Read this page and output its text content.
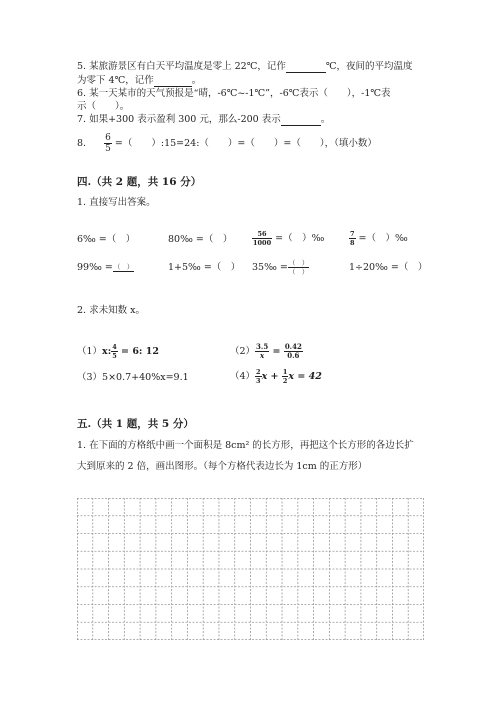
5. 某旅游景区有白天平均温度是零上 22℃，记作	℃，夜间的平均温度
为零下 4℃，记作	。
6. 某一天某市的天气预报是“晴，-6℃~-1℃”，-6℃表示（　　），-1℃表
示（　　）。
7. 如果+300 表示盈利 300 元，那么-200 表示	。
8. $\frac{6}{5}$ =（　　）:15=24:（　　）=（　　）=（　　），（填小数）
四.（共 2 题，共 16 分）
1. 直接写出答案。
6‰ =（　）	80‰ =（　）	$\frac{56}{1000}$ =（　）‰	$\frac{7}{8}$ =（　）‰
99‰ = （　）	1+5‰ =（　） 35‰ = $\frac{( )}{( )}$	1÷20‰ =（　）
2. 求未知数 x。
（1）x: $\frac{4}{5} = 6$: 12	$(2) \frac{3.5}{x} = \frac{0.42}{0.6}$
（3）5×0.7+40%x=9.1	$(4) \frac{2}{3}$ $x + \frac{1}{2}$ x = 42
五.（共 1 题，共 5 分）
1. 在下面的方格纸中画一个面积是 8cm² 的长方形，再把这个长方形的各边长扩
大到原来的 2 倍，画出图形。（每个方格代表边长为 1cm 的正方形）
